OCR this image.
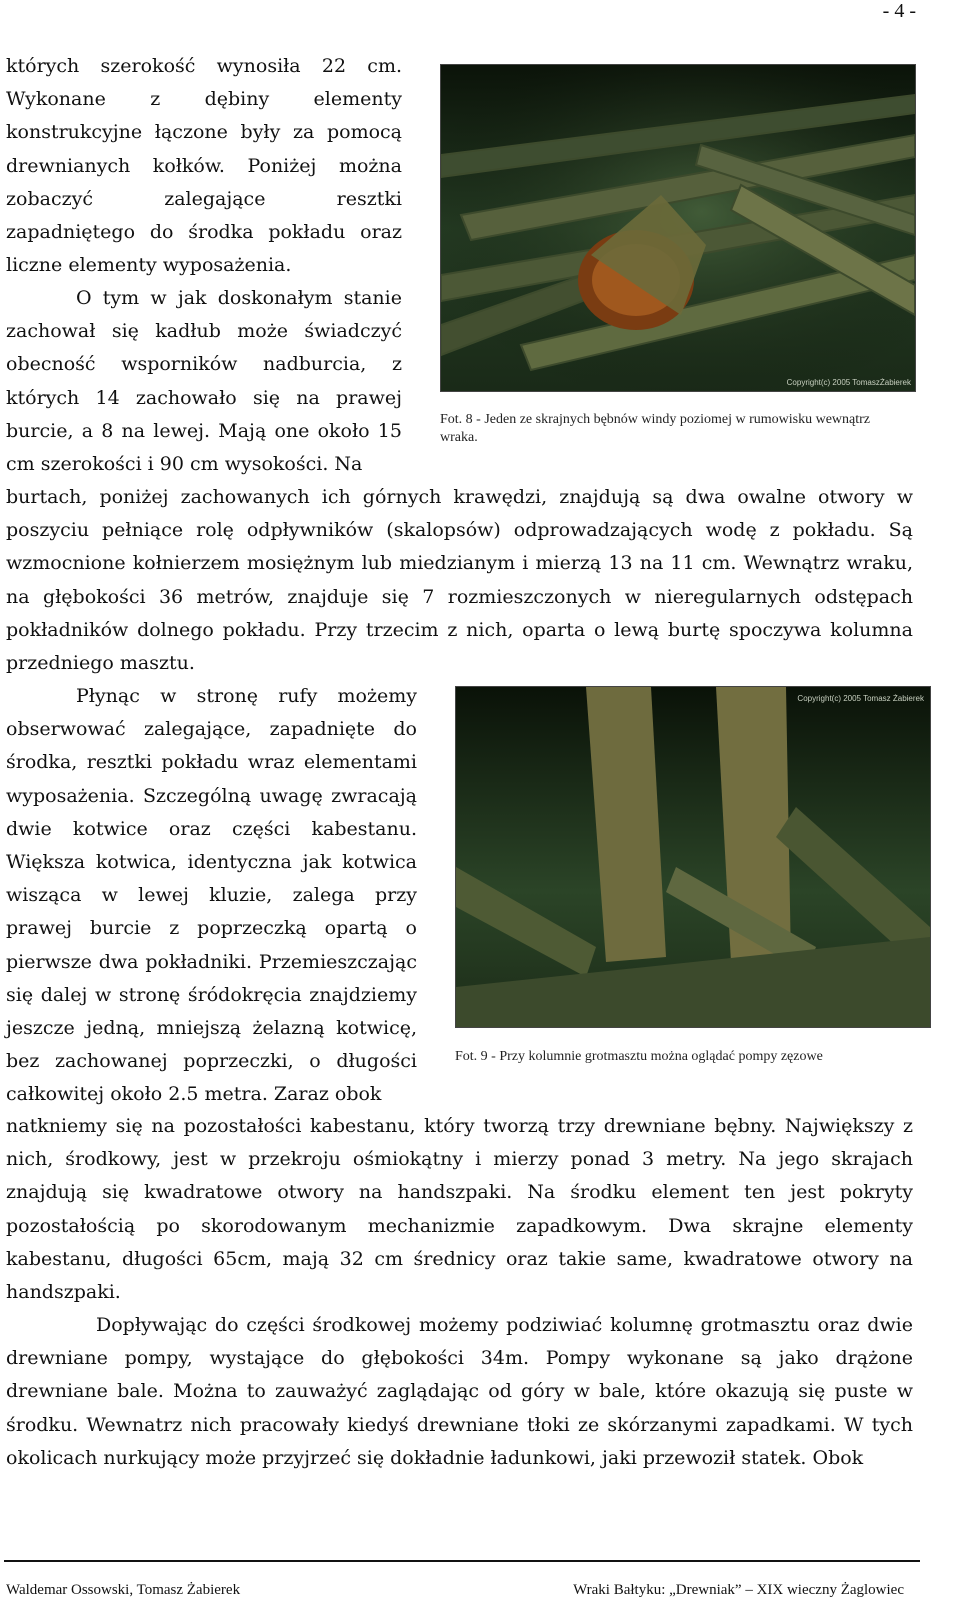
- 4 -
których szerokość wynosiła 22 cm. Wykonane z dębiny elementy konstrukcyjne łączone były za pomocą drewnianych kołków. Poniżej można zobaczyć zalegające resztki zapadniętego do środka pokładu oraz liczne elementy wyposażenia.
O tym w jak doskonałym stanie zachował się kadłub może świadczyć obecność wsporników nadburcia, z których 14 zachowało się na prawej burcie, a 8 na lewej. Mają one około 15 cm szerokości i 90 cm wysokości. Na
burtach, poniżej zachowanych ich górnych krawędzi, znajdują są dwa owalne otwory w poszyciu pełniące rolę odpływników (skalopsów) odprowadzających wodę z pokładu. Są wzmocnione kołnierzem mosiężnym lub miedzianym i mierzą 13 na 11 cm. Wewnątrz wraku, na głębokości 36 metrów, znajduje się 7 rozmieszczonych w nieregularnych odstępach pokładników dolnego pokładu. Przy trzecim z nich, oparta o lewą burtę spoczywa kolumna przedniego masztu.
Copyright(c) 2005 TomaszŻabierek
Fot. 8 - Jeden ze skrajnych bębnów windy poziomej w rumowisku wewnątrz wraka.
Płynąc w stronę rufy możemy obserwować zalegające, zapadnięte do środka, resztki pokładu wraz elementami wyposażenia. Szczególną uwagę zwracają dwie kotwice oraz części kabestanu. Większa kotwica, identyczna jak kotwica wisząca w lewej kluzie, zalega przy prawej burcie z poprzeczką opartą o pierwsze dwa pokładniki. Przemieszczając się dalej w stronę śródokręcia znajdziemy jeszcze jedną, mniejszą żelazną kotwicę, bez zachowanej poprzeczki, o długości całkowitej około 2.5 metra. Zaraz obok
Copyright(c) 2005 Tomasz Żabierek
Fot. 9 - Przy kolumnie grotmasztu można oglądać pompy zęzowe
natkniemy się na pozostałości kabestanu, który tworzą trzy drewniane bębny. Największy z nich, środkowy, jest w przekroju ośmiokątny i mierzy ponad 3 metry. Na jego skrajach znajdują się kwadratowe otwory na handszpaki. Na środku element ten jest pokryty pozostałością po skorodowanym mechanizmie zapadkowym. Dwa skrajne elementy kabestanu, długości 65cm, mają 32 cm średnicy oraz takie same, kwadratowe otwory na handszpaki.
Dopływając do części środkowej możemy podziwiać kolumnę grotmasztu oraz dwie drewniane pompy, wystające do głębokości 34m. Pompy wykonane są jako drążone drewniane bale. Można to zauważyć zaglądając od góry w bale, które okazują się puste w środku. Wewnatrz nich pracowały kiedyś drewniane tłoki ze skórzanymi zapadkami. W tych okolicach nurkujący może przyjrzeć się dokładnie ładunkowi, jaki przewoził statek. Obok
Waldemar Ossowski, Tomasz Żabierek	Wraki Bałtyku: „Drewniak” – XIX wieczny Żaglowiec
